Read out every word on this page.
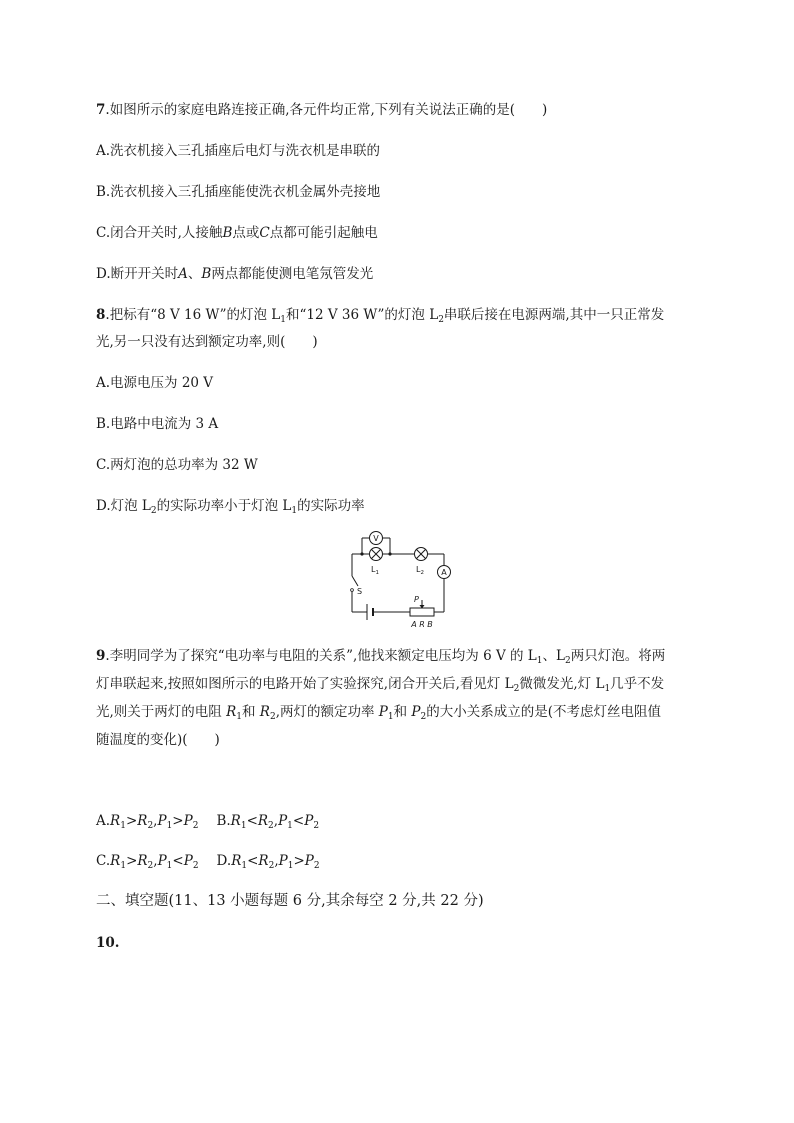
7.如图所示的家庭电路连接正确,各元件均正常,下列有关说法正确的是(　　)
A.洗衣机接入三孔插座后电灯与洗衣机是串联的
B.洗衣机接入三孔插座能使洗衣机金属外壳接地
C.闭合开关时,人接触B点或C点都可能引起触电
D.断开开关时A、B两点都能使测电笔氖管发光
8.把标有“8 V 16 W”的灯泡 $L_1$和“12 V 36 W”的灯泡 $L_2$串联后接在电源两端,其中一只正常发
光,另一只没有达到额定功率,则(　　)
A.电源电压为 20 V
B.电路中电流为 3 A
C.两灯泡的总功率为 32 W
D.灯泡 $L_2$的实际功率小于灯泡 $L_1$的实际功率
V
$L_1$	$L_2$ A
S
P
A R B
9.李明同学为了探究“电功率与电阻的关系”,他找来额定电压均为 6 V 的 $L_1$、$L_2$两只灯泡。将两
灯串联起来,按照如图所示的电路开始了实验探究,闭合开关后,看见灯 $L_2$微微发光,灯 $L_1$几乎不发
光,则关于两灯的电阻 $R_1$和 $R_2$,两灯的额定功率 $P_1$和 $P_2$的大小关系成立的是(不考虑灯丝电阻值
随温度的变化)(　　)
$A.R_1>R_2,P_1>P_2$ $B.R_1<R_2,P_1<P_2$
$C.R_1>R_2,P_1<P_2$ $D.R_1<R_2,P_1>P_2$
二、填空题(11、13 小题每题 6 分,其余每空 2 分,共 22 分)
10.
